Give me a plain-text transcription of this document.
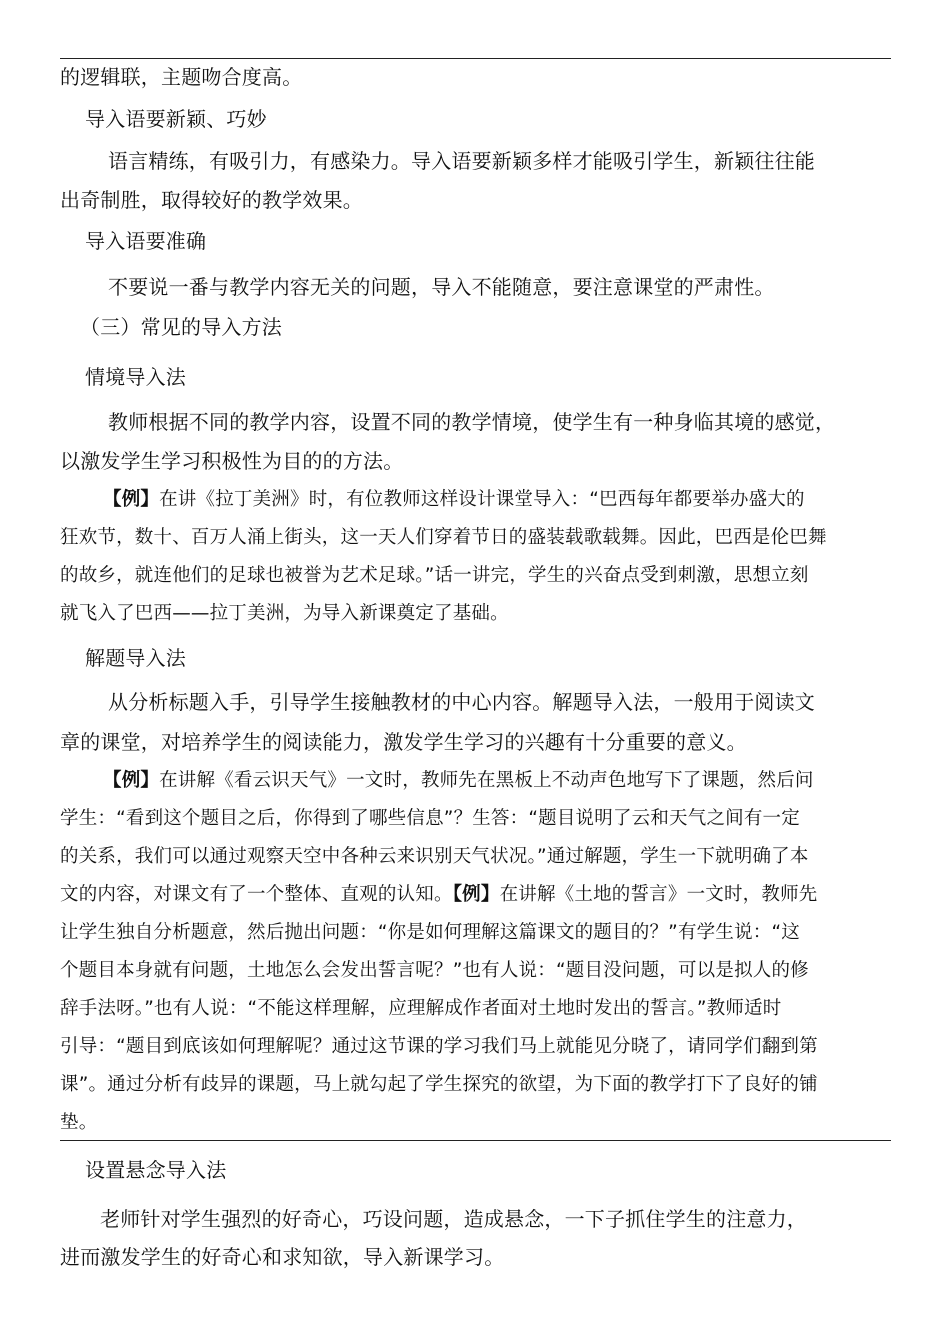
的逻辑联，主题吻合度高。
导入语要新颖、巧妙
语言精练，有吸引力，有感染力。导入语要新颖多样才能吸引学生，新颖往往能
出奇制胜，取得较好的教学效果。
导入语要准确
不要说一番与教学内容无关的问题，导入不能随意，要注意课堂的严肃性。
（三）常见的导入方法
情境导入法
教师根据不同的教学内容，设置不同的教学情境，使学生有一种身临其境的感觉，
以激发学生学习积极性为目的的方法。
【例】在讲《拉丁美洲》时，有位教师这样设计课堂导入：“巴西每年都要举办盛大的
狂欢节，数十、百万人涌上街头，这一天人们穿着节日的盛装载歌载舞。因此，巴西是伦巴舞
的故乡，就连他们的足球也被誉为艺术足球。”话一讲完，学生的兴奋点受到刺激，思想立刻
就飞入了巴西——拉丁美洲，为导入新课奠定了基础。
解题导入法
从分析标题入手，引导学生接触教材的中心内容。解题导入法，一般用于阅读文
章的课堂，对培养学生的阅读能力，激发学生学习的兴趣有十分重要的意义。
【例】在讲解《看云识天气》一文时，教师先在黑板上不动声色地写下了课题，然后问
学生：“看到这个题目之后，你得到了哪些信息”？生答：“题目说明了云和天气之间有一定
的关系，我们可以通过观察天空中各种云来识别天气状况。”通过解题，学生一下就明确了本
文的内容，对课文有了一个整体、直观的认知。【例】在讲解《土地的誓言》一文时，教师先
让学生独自分析题意，然后抛出问题：“你是如何理解这篇课文的题目的？”有学生说：“这
个题目本身就有问题，土地怎么会发出誓言呢？”也有人说：“题目没问题，可以是拟人的修
辞手法呀。”也有人说：“不能这样理解，应理解成作者面对土地时发出的誓言。”教师适时
引导：“题目到底该如何理解呢？通过这节课的学习我们马上就能见分晓了，请同学们翻到第
课”。通过分析有歧异的课题，马上就勾起了学生探究的欲望，为下面的教学打下了良好的铺
垫。
设置悬念导入法
老师针对学生强烈的好奇心，巧设问题，造成悬念，一下子抓住学生的注意力，
进而激发学生的好奇心和求知欲，导入新课学习。
